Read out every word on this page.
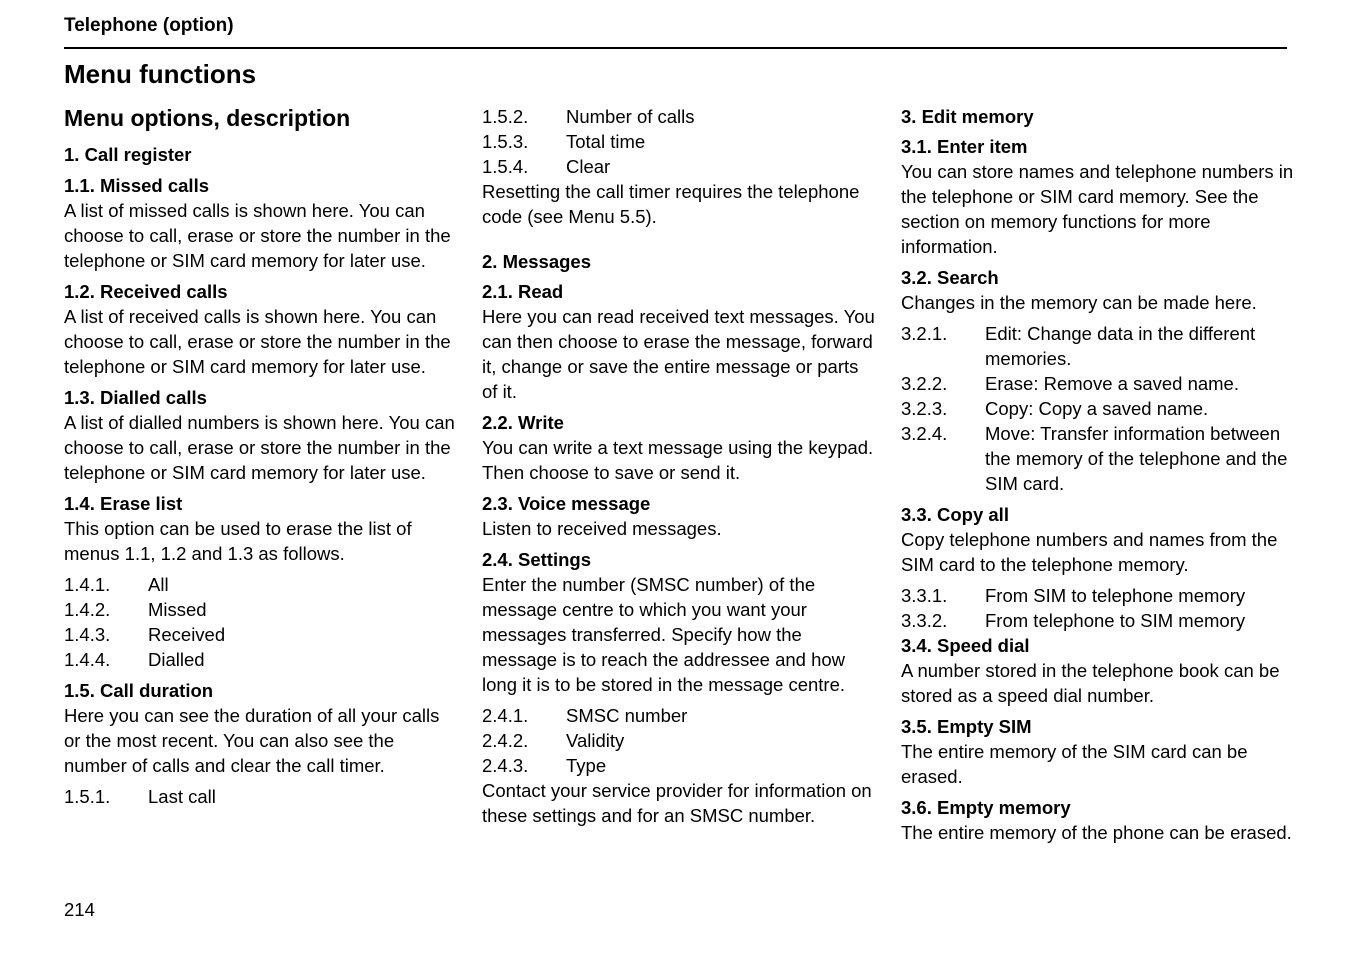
Telephone (option)
Menu functions
Menu options, description
1. Call register
1.1. Missed calls

A list of missed calls is shown here. You can choose to call, erase or store the number in the telephone or SIM card memory for later use.

1.2. Received calls

A list of received calls is shown here. You can choose to call, erase or store the number in the telephone or SIM card memory for later use.

1.3. Dialled calls

A list of dialled numbers is shown here. You can choose to call, erase or store the number in the telephone or SIM card memory for later use.

1.4. Erase list

This option can be used to erase the list of menus 1.1, 1.2 and 1.3 as follows.

1.4.1.	All
1.4.2.	Missed
1.4.3.	Received
1.4.4.	Dialled
1.5. Call duration

Here you can see the duration of all your calls or the most recent. You can also see the number of calls and clear the call timer.

1.5.1.	Last call
1.5.2.	Number of calls
1.5.3.	Total time
1.5.4.	Clear

Resetting the call timer requires the telephone code (see Menu 5.5).

2. Messages
2.1. Read

Here you can read received text messages. You can then choose to erase the message, forward it, change or save the entire message or parts of it.

2.2. Write

You can write a text message using the keypad. Then choose to save or send it.

2.3. Voice message

Listen to received messages.

2.4. Settings

Enter the number (SMSC number) of the message centre to which you want your messages transferred. Specify how the message is to reach the addressee and how long it is to be stored in the message centre.

2.4.1.	SMSC number
2.4.2.	Validity
2.4.3.	Type

Contact your service provider for information on these settings and for an SMSC number.

3. Edit memory
3.1. Enter item

You can store names and telephone numbers in the telephone or SIM card memory. See the section on memory functions for more information.

3.2. Search

Changes in the memory can be made here.

3.2.1.	Edit: Change data in the different memories.
3.2.2.	Erase: Remove a saved name.
3.2.3.	Copy: Copy a saved name.
3.2.4.	Move: Transfer information between the memory of the telephone and the SIM card.
3.3. Copy all

Copy telephone numbers and names from the SIM card to the telephone memory.

3.3.1.	From SIM to telephone memory
3.3.2.	From telephone to SIM memory
3.4. Speed dial

A number stored in the telephone book can be stored as a speed dial number.

3.5. Empty SIM

The entire memory of the SIM card can be erased.

3.6. Empty memory

The entire memory of the phone can be erased.

214
